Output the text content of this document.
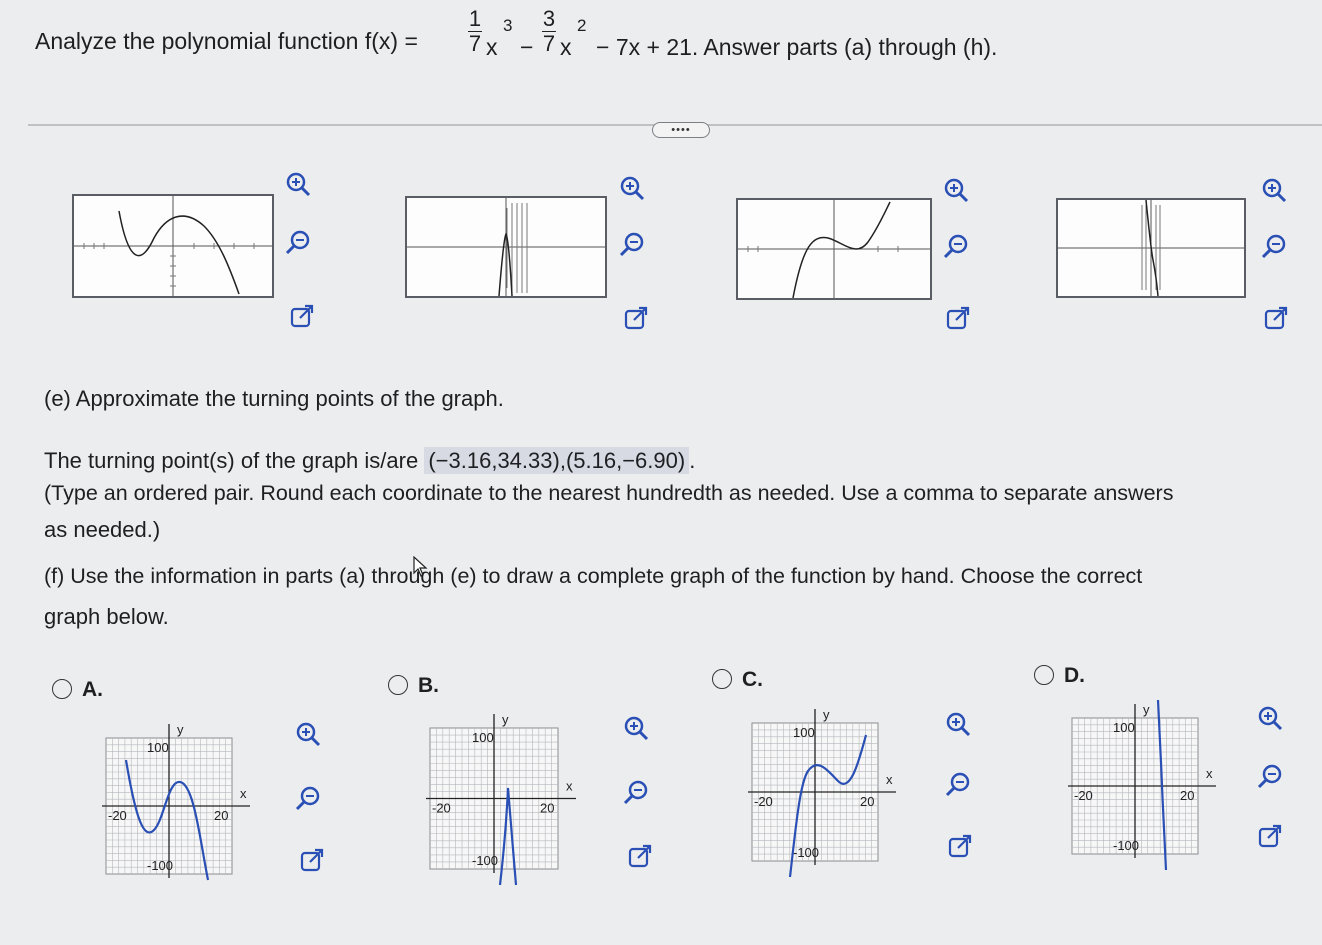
Analyze the polynomial function f(x) =
1
7 x
3
−
3
7 x
2
− 7x + 21. Answer parts (a) through (h).
••••
(e) Approximate the turning points of the graph.
The turning point(s) of the graph is/are (−3.16,34.33),(5.16,−6.90) .
(Type an ordered pair. Round each coordinate to the nearest hundredth as needed. Use a comma to separate answers
as needed.)
(f) Use the information in parts (a) through (e) to draw a complete graph of the function by hand. Choose the correct
graph below.
A.	B.	C.	D.
100
-100
-20	20
x
y
100
-100
-20	20
x
y
100
-100
-20	20
x
y
100
-100
-20	20
x
y
